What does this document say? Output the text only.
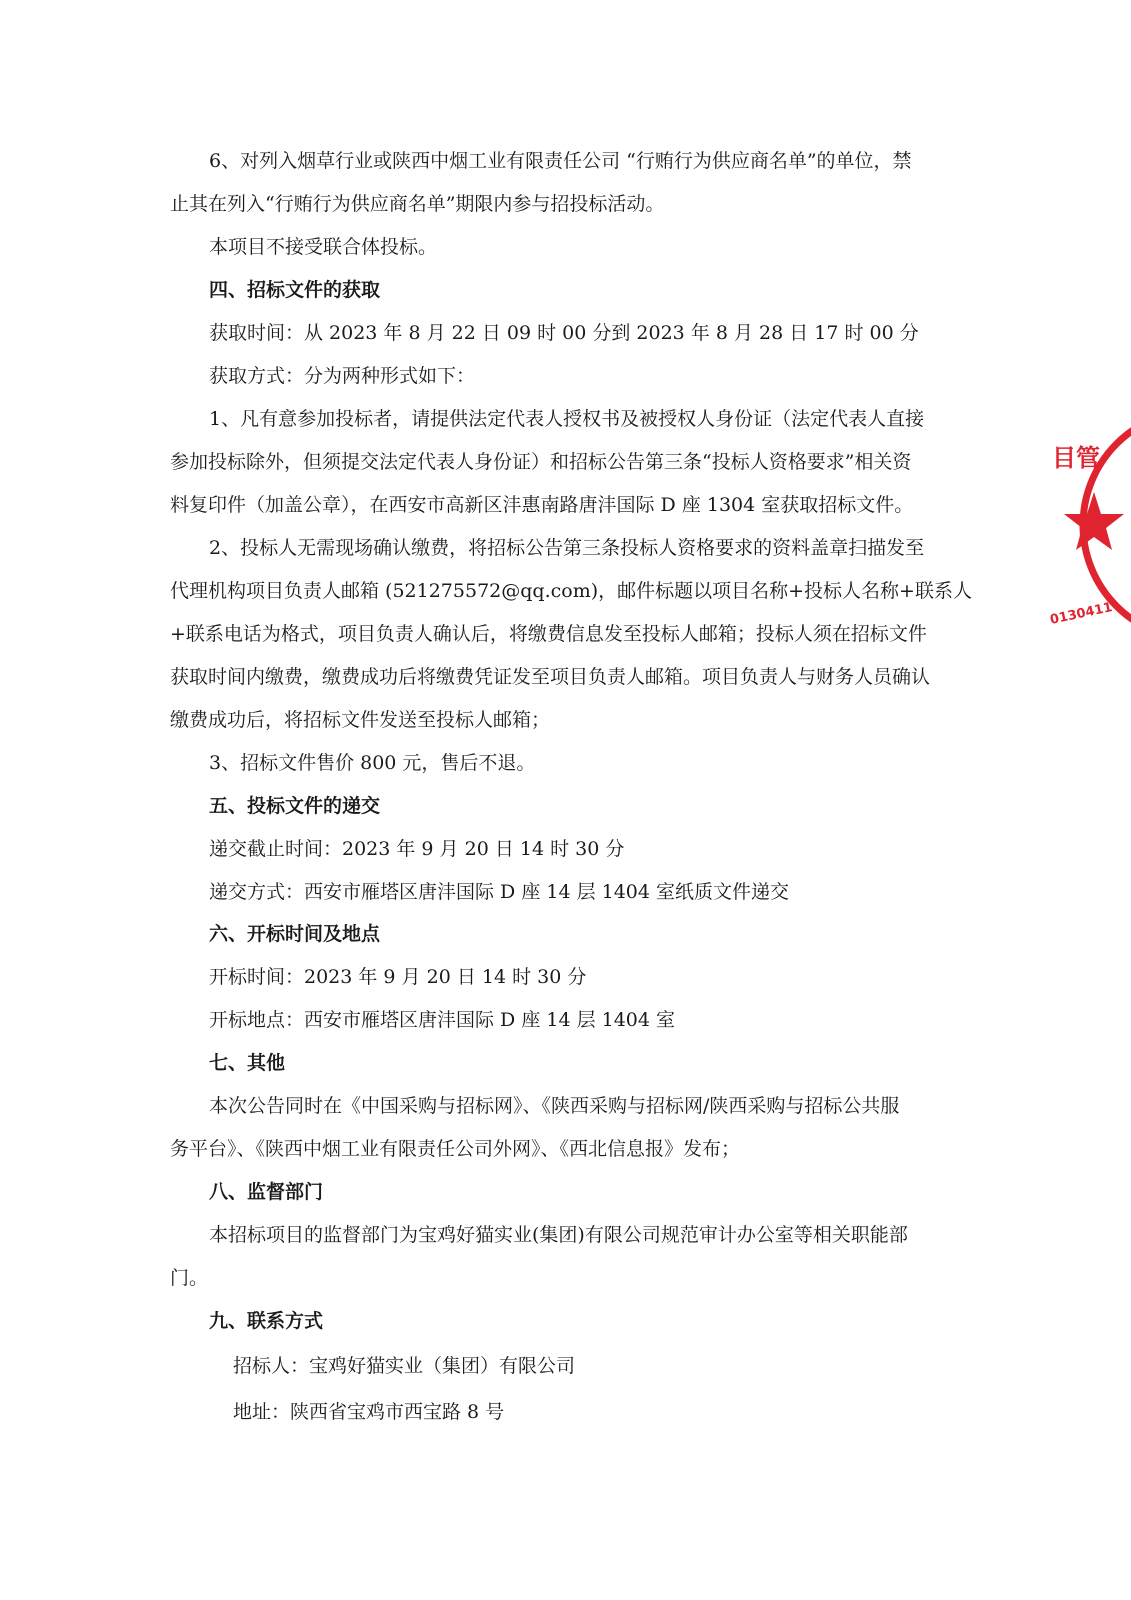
6、对列入烟草行业或陕西中烟工业有限责任公司 “行贿行为供应商名单”的单位，禁

止其在列入“行贿行为供应商名单”期限内参与招投标活动。

本项目不接受联合体投标。

四、招标文件的获取

获取时间：从 2023 年 8 月 22 日 09 时 00 分到 2023 年 8 月 28 日 17 时 00 分

获取方式：分为两种形式如下：

1、凡有意参加投标者，请提供法定代表人授权书及被授权人身份证（法定代表人直接

参加投标除外，但须提交法定代表人身份证）和招标公告第三条“投标人资格要求”相关资

料复印件（加盖公章），在西安市高新区沣惠南路唐沣国际 D 座 1304 室获取招标文件。

2、投标人无需现场确认缴费，将招标公告第三条投标人资格要求的资料盖章扫描发至

代理机构项目负责人邮箱 (521275572@qq.com)，邮件标题以项目名称+投标人名称+联系人

+联系电话为格式，项目负责人确认后，将缴费信息发至投标人邮箱；投标人须在招标文件

获取时间内缴费，缴费成功后将缴费凭证发至项目负责人邮箱。项目负责人与财务人员确认

缴费成功后，将招标文件发送至投标人邮箱；

3、招标文件售价 800 元，售后不退。

五、投标文件的递交

递交截止时间：2023 年 9 月 20 日 14 时 30 分

递交方式：西安市雁塔区唐沣国际 D 座 14 层 1404 室纸质文件递交

六、开标时间及地点

开标时间：2023 年 9 月 20 日 14 时 30 分

开标地点：西安市雁塔区唐沣国际 D 座 14 层 1404 室

七、其他

本次公告同时在《中国采购与招标网》、《陕西采购与招标网/陕西采购与招标公共服

务平台》、《陕西中烟工业有限责任公司外网》、《西北信息报》发布；

八、监督部门

本招标项目的监督部门为宝鸡好猫实业(集团)有限公司规范审计办公室等相关职能部

门。

九、联系方式

招标人：宝鸡好猫实业（集团）有限公司

地址：陕西省宝鸡市西宝路 8 号

目管
0130411
